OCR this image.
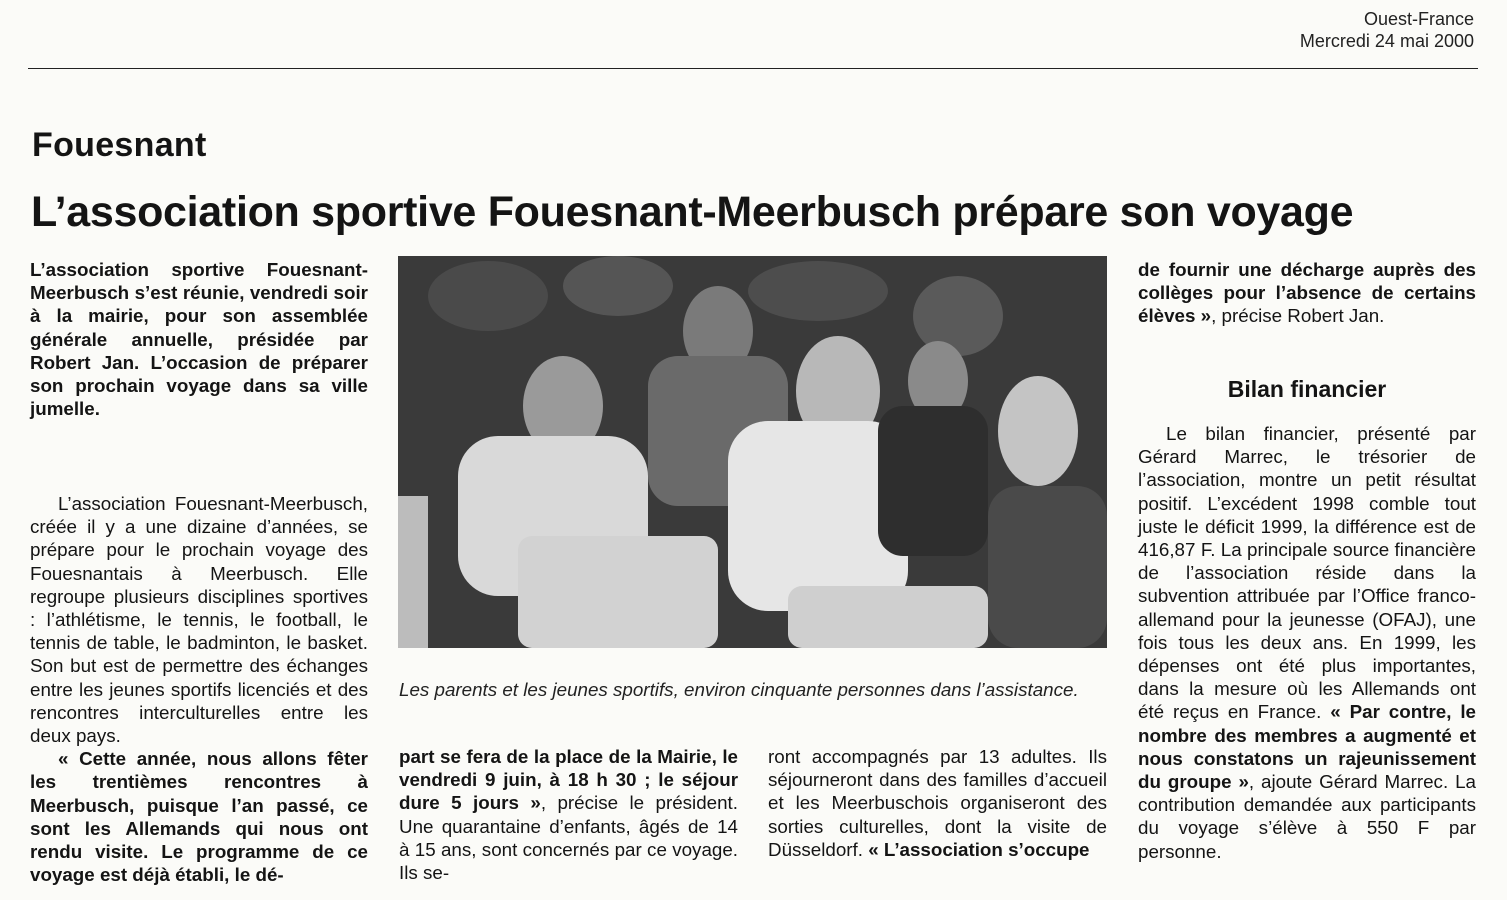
Ouest-France
Mercredi 24 mai 2000
Fouesnant
L’association sportive Fouesnant-Meerbusch prépare son voyage

L’association sportive Fouesnant-Meerbusch s’est réunie, vendredi soir à la mairie, pour son assemblée générale annuelle, présidée par Robert Jan. L’occasion de préparer son prochain voyage dans sa ville jumelle.

L’association Fouesnant-Meerbusch, créée il y a une dizaine d’années, se prépare pour le prochain voyage des Fouesnantais à Meerbusch. Elle regroupe plusieurs disciplines sportives : l’athlétisme, le tennis, le football, le tennis de table, le badminton, le basket. Son but est de permettre des échanges entre les jeunes sportifs licenciés et des rencontres interculturelles entre les deux pays.

« Cette année, nous allons fêter les trentièmes rencontres à Meerbusch, puisque l’an passé, ce sont les Allemands qui nous ont rendu visite. Le programme de ce voyage est déjà établi, le dé-

Les parents et les jeunes sportifs, environ cinquante personnes dans l’assistance.

part se fera de la place de la Mairie, le vendredi 9 juin, à 18 h 30 ; le séjour dure 5 jours », précise le président. Une quarantaine d’enfants, âgés de 14 à 15 ans, sont concernés par ce voyage. Ils se-

ront accompagnés par 13 adultes. Ils séjourneront dans des familles d’accueil et les Meerbuschois organiseront des sorties culturelles, dont la visite de Düsseldorf. « L’association s’occupe

de fournir une décharge auprès des collèges pour l’absence de certains élèves », précise Robert Jan.

Bilan financier

Le bilan financier, présenté par Gérard Marrec, le trésorier de l’association, montre un petit résultat positif. L’excédent 1998 comble tout juste le déficit 1999, la différence est de 416,87 F. La principale source financière de l’association réside dans la subvention attribuée par l’Office franco-allemand pour la jeunesse (OFAJ), une fois tous les deux ans. En 1999, les dépenses ont été plus importantes, dans la mesure où les Allemands ont été reçus en France. « Par contre, le nombre des membres a augmenté et nous constatons un rajeunissement du groupe », ajoute Gérard Marrec. La contribution demandée aux participants du voyage s’élève à 550 F par personne.
